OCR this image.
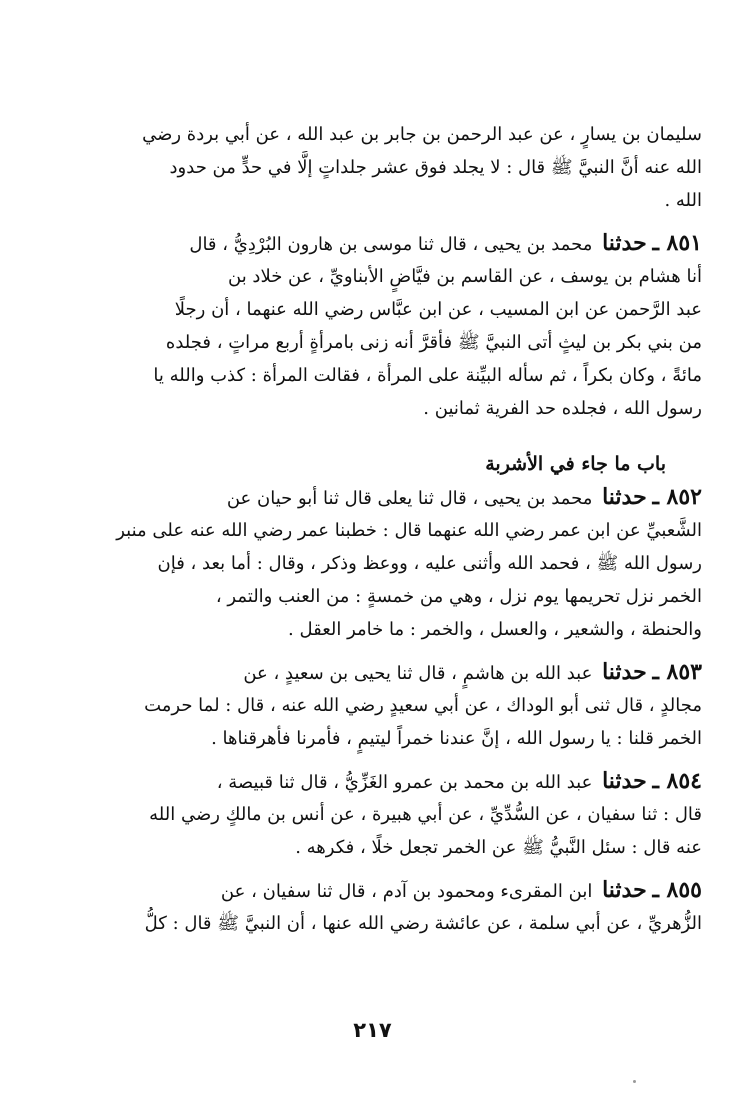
سليمان بن يسارٍ ، عن عبد الرحمن بن جابر بن عبد الله ، عن أبي بردة رضي
الله عنه أنَّ النبيَّ ﷺ قال : لا يجلد فوق عشر جلداتٍ إلَّا في حدٍّ من حدود
الله .
٨٥١ ـ حدثنا محمد بن يحيى ، قال ثنا موسى بن هارون البُرْدِيُّ ، قال
أنا هشام بن يوسف ، عن القاسم بن فيَّاضٍ الأبناويِّ ، عن خلاد بن
عبد الرَّحمن عن ابن المسيب ، عن ابن عبَّاس رضي الله عنهما ، أن رجلًا
من بني بكر بن ليثٍ أتى النبيَّ ﷺ فأقرَّ أنه زنى بامرأةٍ أربع مراتٍ ، فجلده
مائةً ، وكان بكراً ، ثم سأله البيِّنة على المرأة ، فقالت المرأة : كذب والله يا
رسول الله ، فجلده حد الفرية ثمانين .
باب ما جاء في الأشربة
٨٥٢ ـ حدثنا محمد بن يحيى ، قال ثنا يعلى قال ثنا أبو حيان عن
الشَّعبيِّ عن ابن عمر رضي الله عنهما قال : خطبنا عمر رضي الله عنه على منبر
رسول الله ﷺ ، فحمد الله وأثنى عليه ، ووعظ وذكر ، وقال : أما بعد ، فإن
الخمر نزل تحريمها يوم نزل ، وهي من خمسةٍ : من العنب والتمر ،
والحنطة ، والشعير ، والعسل ، والخمر : ما خامر العقل .
٨٥٣ ـ حدثنا عبد الله بن هاشمٍ ، قال ثنا يحيى بن سعيدٍ ، عن
مجالدٍ ، قال ثنى أبو الوداك ، عن أبي سعيدٍ رضي الله عنه ، قال : لما حرمت
الخمر قلنا : يا رسول الله ، إنَّ عندنا خمراً ليتيمٍ ، فأمرنا فأهرقناها .
٨٥٤ ـ حدثنا عبد الله بن محمد بن عمرو الغَزِّيُّ ، قال ثنا قبيصة ،
قال : ثنا سفيان ، عن السُّدِّيِّ ، عن أبي هبيرة ، عن أنس بن مالكٍ رضي الله
عنه قال : سئل النَّبيُّ ﷺ عن الخمر تجعل خلًا ، فكرهه .
٨٥٥ ـ حدثنا ابن المقرىء ومحمود بن آدم ، قال ثنا سفيان ، عن
الزُّهريِّ ، عن أبي سلمة ، عن عائشة رضي الله عنها ، أن النبيَّ ﷺ قال : كلُّ
٢١٧
